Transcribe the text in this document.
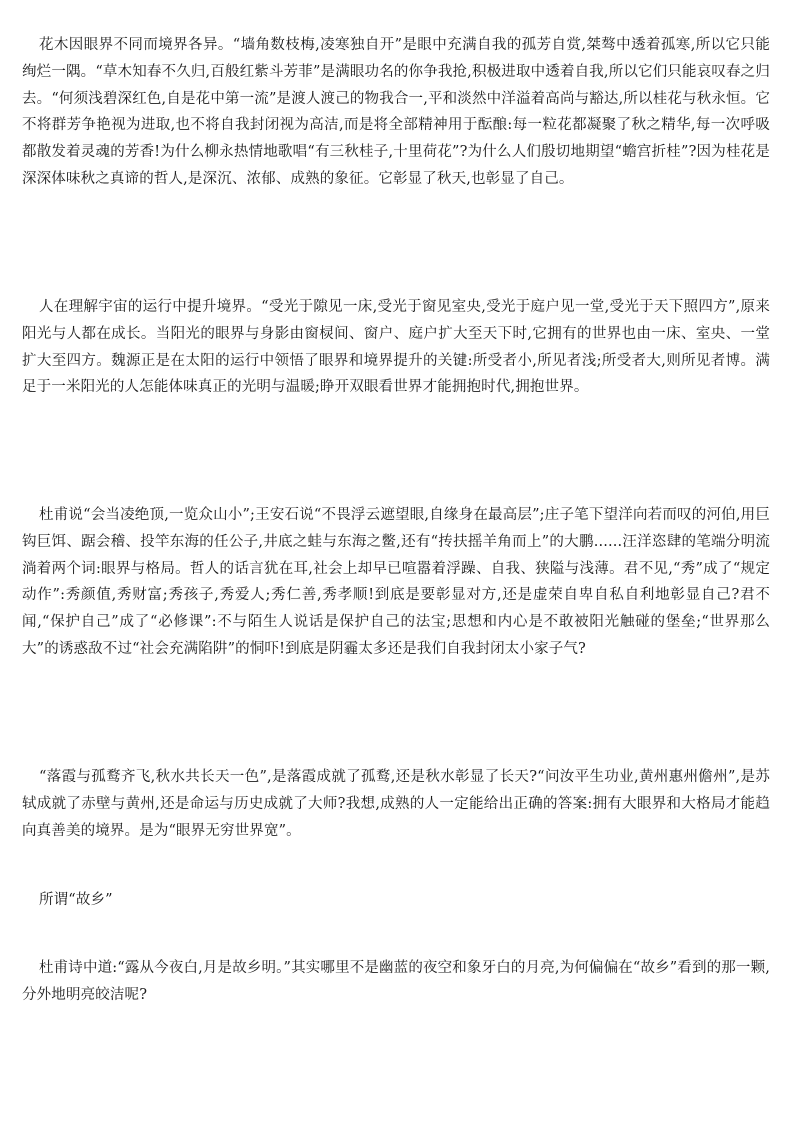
花木因眼界不同而境界各异。“墙角数枝梅,凌寒独自开”是眼中充满自我的孤芳自赏,桀骜中透着孤寒,所以它只能绚烂一隅。“草木知春不久归,百般红紫斗芳菲”是满眼功名的你争我抢,积极进取中透着自我,所以它们只能哀叹春之归去。“何须浅碧深红色,自是花中第一流”是渡人渡己的物我合一,平和淡然中洋溢着高尚与豁达,所以桂花与秋永恒。它不将群芳争艳视为进取,也不将自我封闭视为高洁,而是将全部精神用于酝酿:每一粒花都凝聚了秋之精华,每一次呼吸都散发着灵魂的芳香!为什么柳永热情地歌唱“有三秋桂子,十里荷花”?为什么人们殷切地期望“蟾宫折桂”?因为桂花是深深体味秋之真谛的哲人,是深沉、浓郁、成熟的象征。它彰显了秋天,也彰显了自己。

人在理解宇宙的运行中提升境界。“受光于隙见一床,受光于窗见室央,受光于庭户见一堂,受光于天下照四方”,原来阳光与人都在成长。当阳光的眼界与身影由窗棂间、窗户、庭户扩大至天下时,它拥有的世界也由一床、室央、一堂扩大至四方。魏源正是在太阳的运行中领悟了眼界和境界提升的关键:所受者小,所见者浅;所受者大,则所见者博。满足于一米阳光的人怎能体味真正的光明与温暖;睁开双眼看世界才能拥抱时代,拥抱世界。

杜甫说“会当凌绝顶,一览众山小”;王安石说“不畏浮云遮望眼,自缘身在最高层”;庄子笔下望洋向若而叹的河伯,用巨钩巨饵、踞会稽、投竿东海的任公子,井底之蛙与东海之鳖,还有“抟扶摇羊角而上”的大鹏......汪洋恣肆的笔端分明流淌着两个词:眼界与格局。哲人的话言犹在耳,社会上却早已喧嚣着浮躁、自我、狭隘与浅薄。君不见,“秀”成了“规定动作”:秀颜值,秀财富;秀孩子,秀爱人;秀仁善,秀孝顺!到底是要彰显对方,还是虚荣自卑自私自利地彰显自己?君不闻,“保护自己”成了“必修课”:不与陌生人说话是保护自己的法宝;思想和内心是不敢被阳光触碰的堡垒;“世界那么大”的诱惑敌不过“社会充满陷阱”的恫吓!到底是阴霾太多还是我们自我封闭太小家子气?

“落霞与孤鹜齐飞,秋水共长天一色”,是落霞成就了孤鹜,还是秋水彰显了长天?“问汝平生功业,黄州惠州儋州”,是苏轼成就了赤壁与黄州,还是命运与历史成就了大师?我想,成熟的人一定能给出正确的答案:拥有大眼界和大格局才能趋向真善美的境界。是为“眼界无穷世界宽”。

所谓“故乡”

杜甫诗中道:“露从今夜白,月是故乡明。”其实哪里不是幽蓝的夜空和象牙白的月亮,为何偏偏在“故乡”看到的那一颗,分外地明亮皎洁呢?
